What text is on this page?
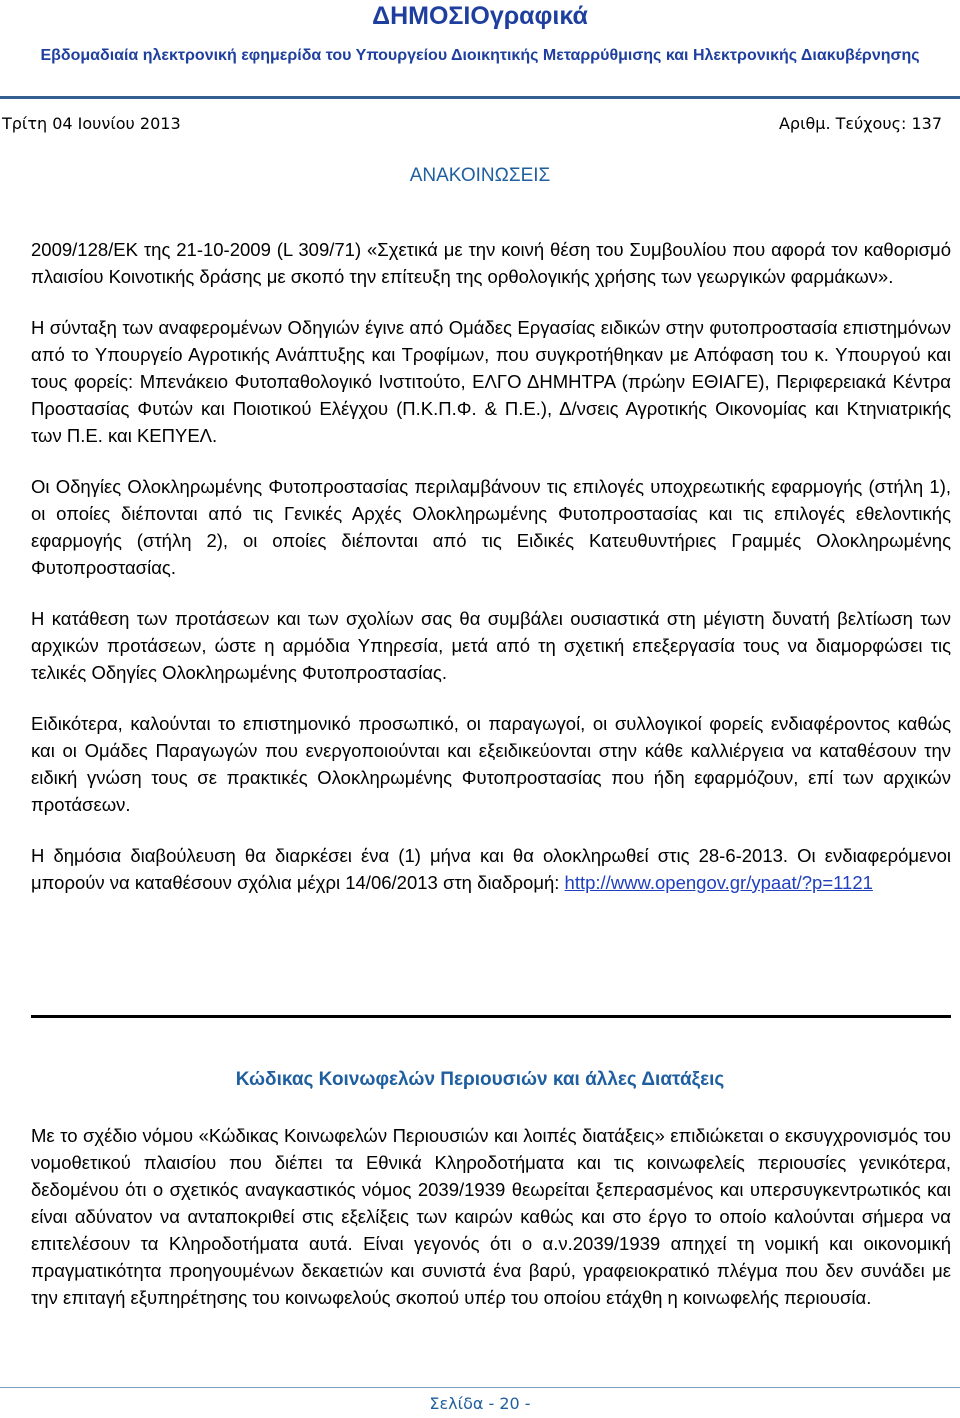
ΔΗΜΟΣΙΟγραφικά
Εβδομαδιαία ηλεκτρονική εφημερίδα του Υπουργείου Διοικητικής Μεταρρύθμισης και Ηλεκτρονικής Διακυβέρνησης
Τρίτη 04 Ιουνίου 2013	Αριθμ. Τεύχους: 137
ΑΝΑΚΟΙΝΩΣΕΙΣ

2009/128/ΕΚ της 21-10-2009 (L 309/71) «Σχετικά με την κοινή θέση του Συμβουλίου που αφορά τον καθορισμό πλαισίου Κοινοτικής δράσης με σκοπό την επίτευξη της ορθολογικής χρήσης των γεωργικών φαρμάκων».

Η σύνταξη των αναφερομένων Οδηγιών έγινε από Ομάδες Εργασίας ειδικών στην φυτοπροστασία επιστημόνων από το Υπουργείο Αγροτικής Ανάπτυξης και Τροφίμων, που συγκροτήθηκαν με Απόφαση του κ. Υπουργού και τους φορείς: Μπενάκειο Φυτοπαθολογικό Ινστιτούτο, ΕΛΓΟ ΔΗΜΗΤΡΑ (πρώην ΕΘΙΑΓΕ), Περιφερειακά Κέντρα Προστασίας Φυτών και Ποιοτικού Ελέγχου (Π.Κ.Π.Φ. & Π.Ε.), Δ/νσεις Αγροτικής Οικονομίας και Κτηνιατρικής των Π.Ε. και ΚΕΠΥΕΛ.

Οι Οδηγίες Ολοκληρωμένης Φυτοπροστασίας περιλαμβάνουν τις επιλογές υποχρεωτικής εφαρμογής (στήλη 1), οι οποίες διέπονται από τις Γενικές Αρχές Ολοκληρωμένης Φυτοπροστασίας και τις επιλογές εθελοντικής εφαρμογής (στήλη 2), οι οποίες διέπονται από τις Ειδικές Κατευθυντήριες Γραμμές Ολοκληρωμένης Φυτοπροστασίας.

Η κατάθεση των προτάσεων και των σχολίων σας θα συμβάλει ουσιαστικά στη μέγιστη δυνατή βελτίωση των αρχικών προτάσεων, ώστε η αρμόδια Υπηρεσία, μετά από τη σχετική επεξεργασία τους να διαμορφώσει τις τελικές Οδηγίες Ολοκληρωμένης Φυτοπροστασίας.

Ειδικότερα, καλούνται το επιστημονικό προσωπικό, οι παραγωγοί, οι συλλογικοί φορείς ενδιαφέροντος καθώς και οι Ομάδες Παραγωγών που ενεργοποιούνται και εξειδικεύονται στην κάθε καλλιέργεια να καταθέσουν την ειδική γνώση τους σε πρακτικές Ολοκληρωμένης Φυτοπροστασίας που ήδη εφαρμόζουν, επί των αρχικών προτάσεων.

Η δημόσια διαβούλευση θα διαρκέσει ένα (1) μήνα και θα ολοκληρωθεί στις 28-6-2013. Οι ενδιαφερόμενοι μπορούν να καταθέσουν σχόλια μέχρι 14/06/2013 στη διαδρομή: http://www.opengov.gr/ypaat/?p=1121

Κώδικας Κοινωφελών Περιουσιών και άλλες Διατάξεις

Με το σχέδιο νόμου «Κώδικας Κοινωφελών Περιουσιών και λοιπές διατάξεις» επιδιώκεται ο εκσυγχρονισμός του νομοθετικού πλαισίου που διέπει τα Εθνικά Κληροδοτήματα και τις κοινωφελείς περιουσίες γενικότερα, δεδομένου ότι ο σχετικός αναγκαστικός νόμος 2039/1939 θεωρείται ξεπερασμένος και υπερσυγκεντρωτικός και είναι αδύνατον να ανταποκριθεί στις εξελίξεις των καιρών καθώς και στο έργο το οποίο καλούνται σήμερα να επιτελέσουν τα Κληροδοτήματα αυτά. Είναι γεγονός ότι ο α.ν.2039/1939 απηχεί τη νομική και οικονομική πραγματικότητα προηγουμένων δεκαετιών και συνιστά ένα βαρύ, γραφειοκρατικό πλέγμα που δεν συνάδει με την επιταγή εξυπηρέτησης του κοινωφελούς σκοπού υπέρ του οποίου ετάχθη η κοινωφελής περιουσία.

Σελίδα - 20 -
